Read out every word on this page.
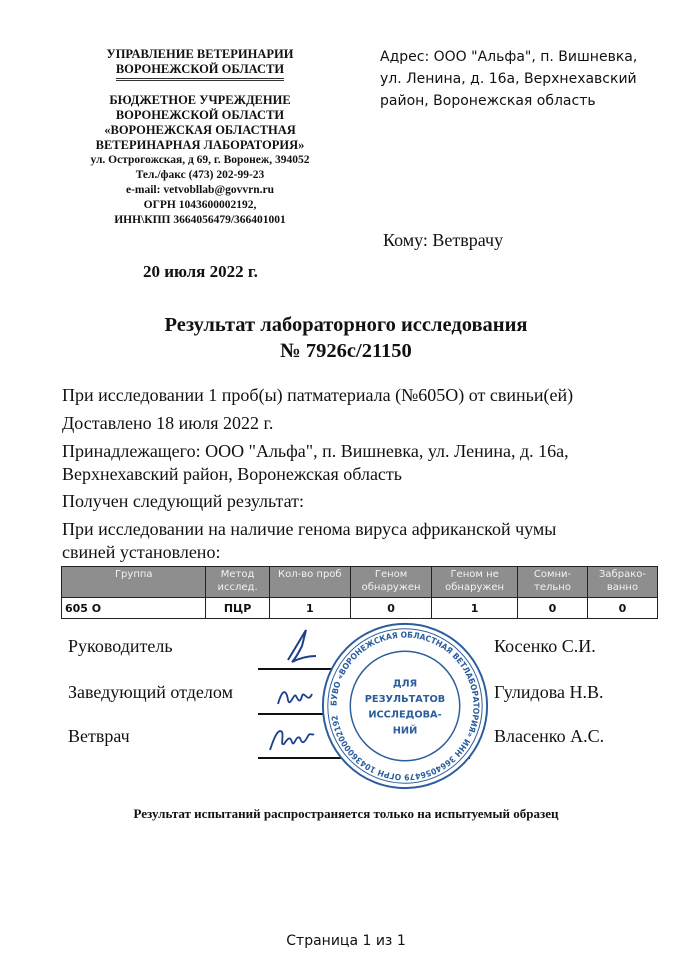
УПРАВЛЕНИЕ ВЕТЕРИНАРИИ
ВОРОНЕЖСКОЙ ОБЛАСТИ
БЮДЖЕТНОЕ УЧРЕЖДЕНИЕ
ВОРОНЕЖСКОЙ ОБЛАСТИ
«ВОРОНЕЖСКАЯ ОБЛАСТНАЯ
ВЕТЕРИНАРНАЯ ЛАБОРАТОРИЯ»
ул. Острогожская, д 69, г. Воронеж, 394052
Тел./факс (473) 202-99-23
e-mail: vetvobllab@govvrn.ru
ОГРН 1043600002192,
ИНН\КПП 3664056479/366401001
Адрес: ООО "Альфа", п. Вишневка,
ул. Ленина, д. 16а, Верхнехавский
район, Воронежская область
Кому: Ветврачу
20 июля 2022 г.
Результат лабораторного исследования
№ 7926с/21150
При исследовании 1 проб(ы) патматериала (№605О) от свиньи(ей)
Доставлено 18 июля 2022 г.
Принадлежащего: ООО "Альфа", п. Вишневка, ул. Ленина, д. 16а,
Верхнехавский район, Воронежская область
Получен следующий результат:
При исследовании на наличие генома вируса африканской чумы
свиней установлено:
Группа	Метод исслед.	Кол-во проб	Геном обнаружен	Геном не обнаружен	Сомни-тельно	Забрако-ванно
605 О	ПЦР	1	0	1	0	0
Руководитель	Косенко С.И.
Заведующий отделом	Гулидова Н.В.
Ветврач	Власенко А.С.
БУВО «ВОРОНЕЖСКАЯ ОБЛАСТНАЯ ВЕТЛАБОРАТОРИЯ» ИНН 3664056479 ОГРН 1043600002192
ДЛЯ
РЕЗУЛЬТАТОВ
ИССЛЕДОВА-
НИЙ
Результат испытаний распространяется только на испытуемый образец
Страница 1 из 1
